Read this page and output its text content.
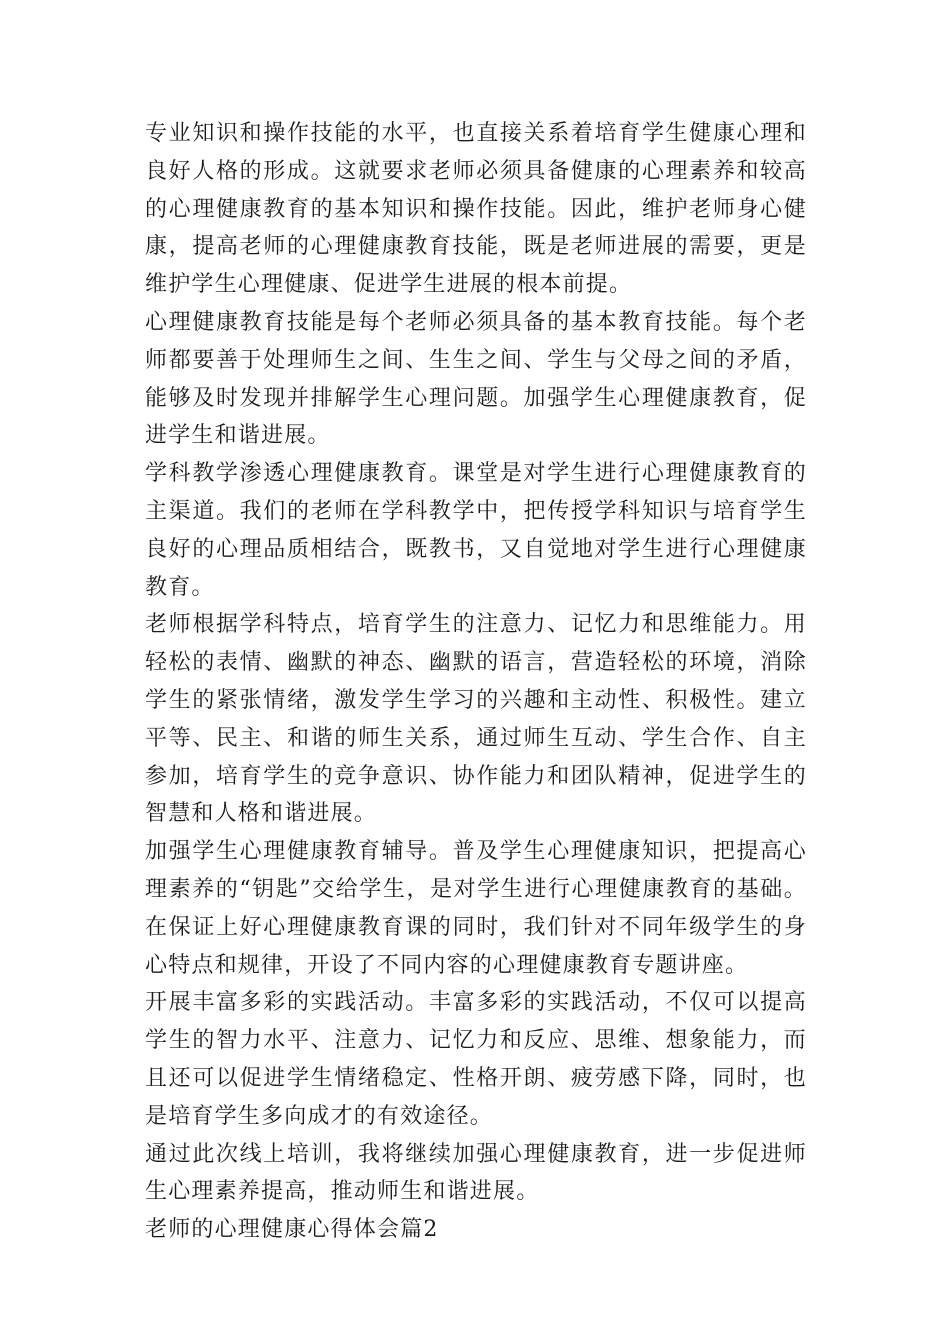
专业知识和操作技能的水平，也直接关系着培育学生健康心理和良好人格的形成。这就要求老师必须具备健康的心理素养和较高的心理健康教育的基本知识和操作技能。因此，维护老师身心健康，提高老师的心理健康教育技能，既是老师进展的需要，更是维护学生心理健康、促进学生进展的根本前提。

心理健康教育技能是每个老师必须具备的基本教育技能。每个老师都要善于处理师生之间、生生之间、学生与父母之间的矛盾，能够及时发现并排解学生心理问题。加强学生心理健康教育，促进学生和谐进展。

学科教学渗透心理健康教育。课堂是对学生进行心理健康教育的主渠道。我们的老师在学科教学中，把传授学科知识与培育学生良好的心理品质相结合，既教书，又自觉地对学生进行心理健康教育。

老师根据学科特点，培育学生的注意力、记忆力和思维能力。用轻松的表情、幽默的神态、幽默的语言，营造轻松的环境，消除学生的紧张情绪，激发学生学习的兴趣和主动性、积极性。建立平等、民主、和谐的师生关系，通过师生互动、学生合作、自主参加，培育学生的竞争意识、协作能力和团队精神，促进学生的智慧和人格和谐进展。

加强学生心理健康教育辅导。普及学生心理健康知识，把提高心理素养的“钥匙”交给学生，是对学生进行心理健康教育的基础。在保证上好心理健康教育课的同时，我们针对不同年级学生的身心特点和规律，开设了不同内容的心理健康教育专题讲座。

开展丰富多彩的实践活动。丰富多彩的实践活动，不仅可以提高学生的智力水平、注意力、记忆力和反应、思维、想象能力，而且还可以促进学生情绪稳定、性格开朗、疲劳感下降，同时，也是培育学生多向成才的有效途径。

通过此次线上培训，我将继续加强心理健康教育，进一步促进师生心理素养提高，推动师生和谐进展。

老师的心理健康心得体会篇2
